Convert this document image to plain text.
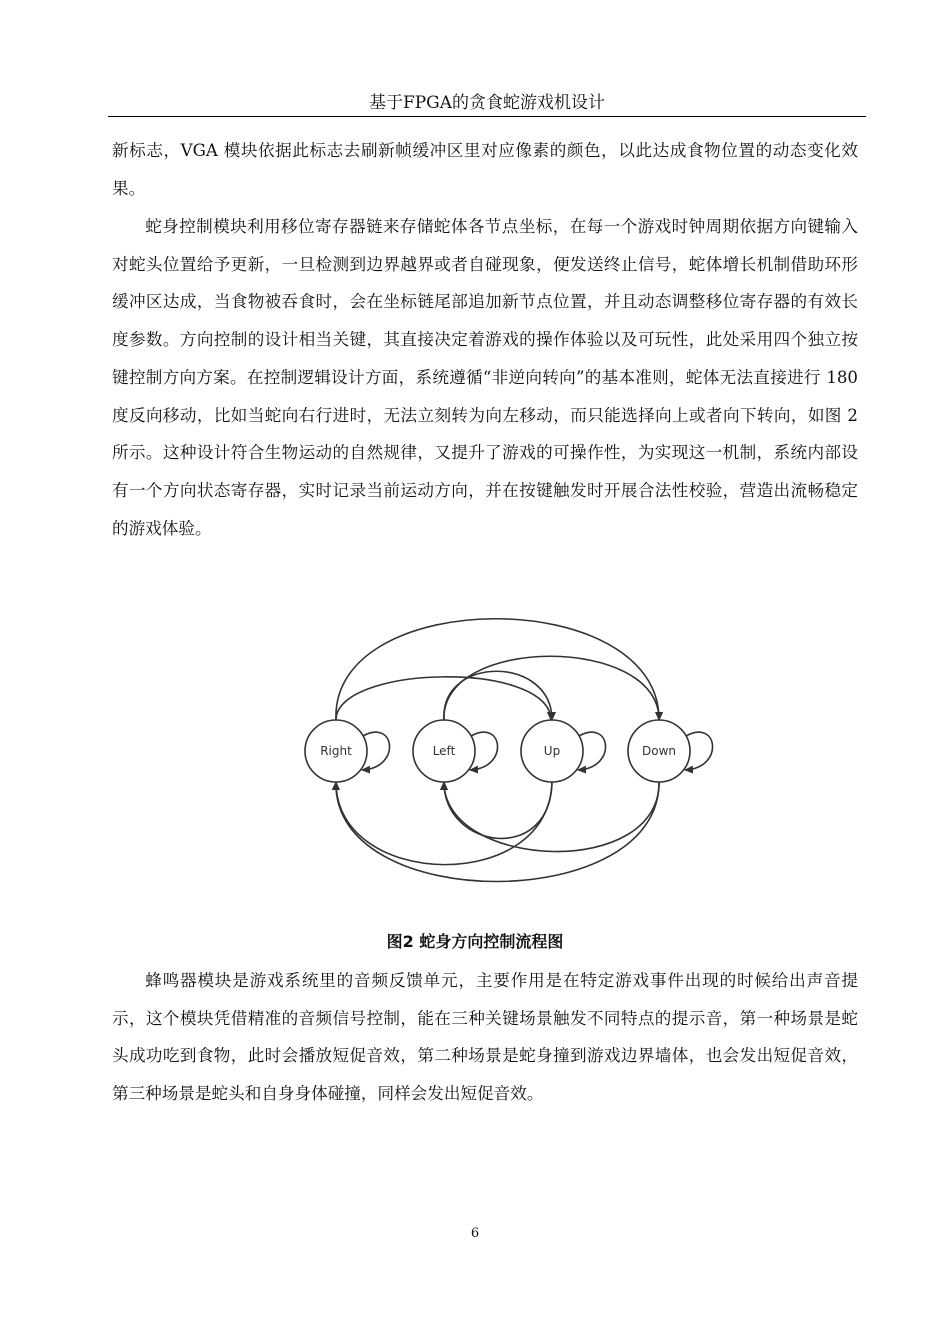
基于FPGA的贪食蛇游戏机设计

新标志，VGA 模块依据此标志去刷新帧缓冲区里对应像素的颜色，以此达成食物位置的动态变化效果。

蛇身控制模块利用移位寄存器链来存储蛇体各节点坐标，在每一个游戏时钟周期依据方向键输入对蛇头位置给予更新，一旦检测到边界越界或者自碰现象，便发送终止信号，蛇体增长机制借助环形缓冲区达成，当食物被吞食时，会在坐标链尾部追加新节点位置，并且动态调整移位寄存器的有效长度参数。方向控制的设计相当关键，其直接决定着游戏的操作体验以及可玩性，此处采用四个独立按键控制方向方案。在控制逻辑设计方面，系统遵循“非逆向转向”的基本准则，蛇体无法直接进行 180 度反向移动，比如当蛇向右行进时，无法立刻转为向左移动，而只能选择向上或者向下转向，如图 2 所示。这种设计符合生物运动的自然规律，又提升了游戏的可操作性，为实现这一机制，系统内部设有一个方向状态寄存器，实时记录当前运动方向，并在按键触发时开展合法性校验，营造出流畅稳定的游戏体验。

Right	Left	Up	Down
图2 蛇身方向控制流程图

蜂鸣器模块是游戏系统里的音频反馈单元，主要作用是在特定游戏事件出现的时候给出声音提示，这个模块凭借精准的音频信号控制，能在三种关键场景触发不同特点的提示音，第一种场景是蛇头成功吃到食物，此时会播放短促音效，第二种场景是蛇身撞到游戏边界墙体，也会发出短促音效，第三种场景是蛇头和自身身体碰撞，同样会发出短促音效。

6
